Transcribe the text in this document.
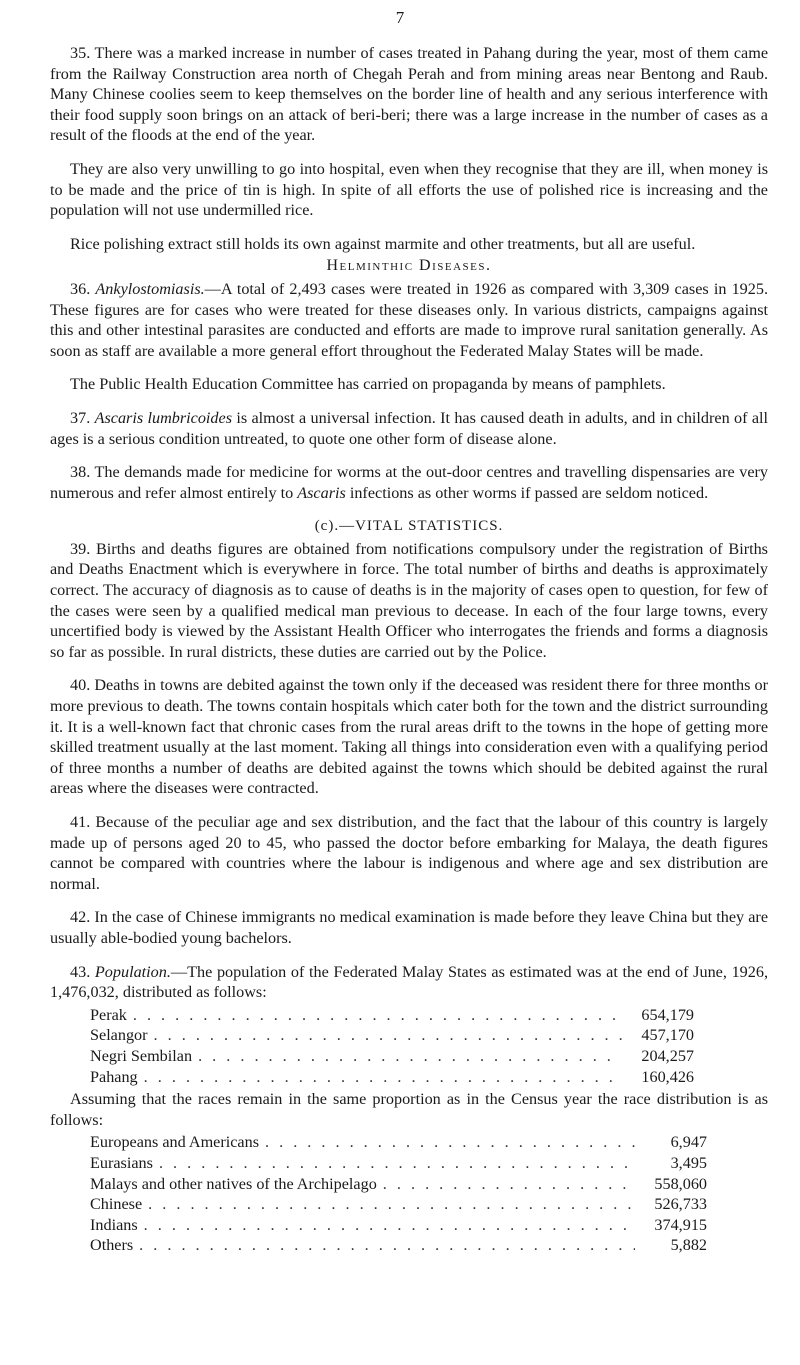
7

35. There was a marked increase in number of cases treated in Pahang during the year, most of them came from the Railway Construction area north of Chegah Perah and from mining areas near Bentong and Raub. Many Chinese coolies seem to keep themselves on the border line of health and any serious interference with their food supply soon brings on an attack of beri-beri; there was a large increase in the number of cases as a result of the floods at the end of the year.

They are also very unwilling to go into hospital, even when they recognise that they are ill, when money is to be made and the price of tin is high. In spite of all efforts the use of polished rice is increasing and the population will not use undermilled rice.

Rice polishing extract still holds its own against marmite and other treatments, but all are useful.

Helminthic Diseases.

36. Ankylostomiasis.—A total of 2,493 cases were treated in 1926 as compared with 3,309 cases in 1925. These figures are for cases who were treated for these diseases only. In various districts, campaigns against this and other intestinal parasites are conducted and efforts are made to improve rural sanitation generally. As soon as staff are available a more general effort throughout the Federated Malay States will be made.

The Public Health Education Committee has carried on propaganda by means of pamphlets.

37. Ascaris lumbricoides is almost a universal infection. It has caused death in adults, and in children of all ages is a serious condition untreated, to quote one other form of disease alone.

38. The demands made for medicine for worms at the out-door centres and travelling dispensaries are very numerous and refer almost entirely to Ascaris infections as other worms if passed are seldom noticed.

(c).—VITAL STATISTICS.

39. Births and deaths figures are obtained from notifications compulsory under the registration of Births and Deaths Enactment which is everywhere in force. The total number of births and deaths is approximately correct. The accuracy of diagnosis as to cause of deaths is in the majority of cases open to question, for few of the cases were seen by a qualified medical man previous to decease. In each of the four large towns, every uncertified body is viewed by the Assistant Health Officer who interrogates the friends and forms a diagnosis so far as possible. In rural districts, these duties are carried out by the Police.

40. Deaths in towns are debited against the town only if the deceased was resident there for three months or more previous to death. The towns contain hospitals which cater both for the town and the district surrounding it. It is a well-known fact that chronic cases from the rural areas drift to the towns in the hope of getting more skilled treatment usually at the last moment. Taking all things into consideration even with a qualifying period of three months a number of deaths are debited against the towns which should be debited against the rural areas where the diseases were contracted.

41. Because of the peculiar age and sex distribution, and the fact that the labour of this country is largely made up of persons aged 20 to 45, who passed the doctor before embarking for Malaya, the death figures cannot be compared with countries where the labour is indigenous and where age and sex distribution are normal.

42. In the case of Chinese immigrants no medical examination is made before they leave China but they are usually able-bodied young bachelors.

43. Population.—The population of the Federated Malay States as estimated was at the end of June, 1926, 1,476,032, distributed as follows:

Perak . . .	654,179
Selangor . . .	457,170
Negri Sembilan . . .	204,257
Pahang . . .	160,426

Assuming that the races remain in the same proportion as in the Census year the race distribution is as follows:

Europeans and Americans . . .	6,947
Eurasians . . .	3,495
Malays and other natives of the Archipelago . . .	558,060
Chinese . . .	526,733
Indians . . .	374,915
Others . . .	5,882
